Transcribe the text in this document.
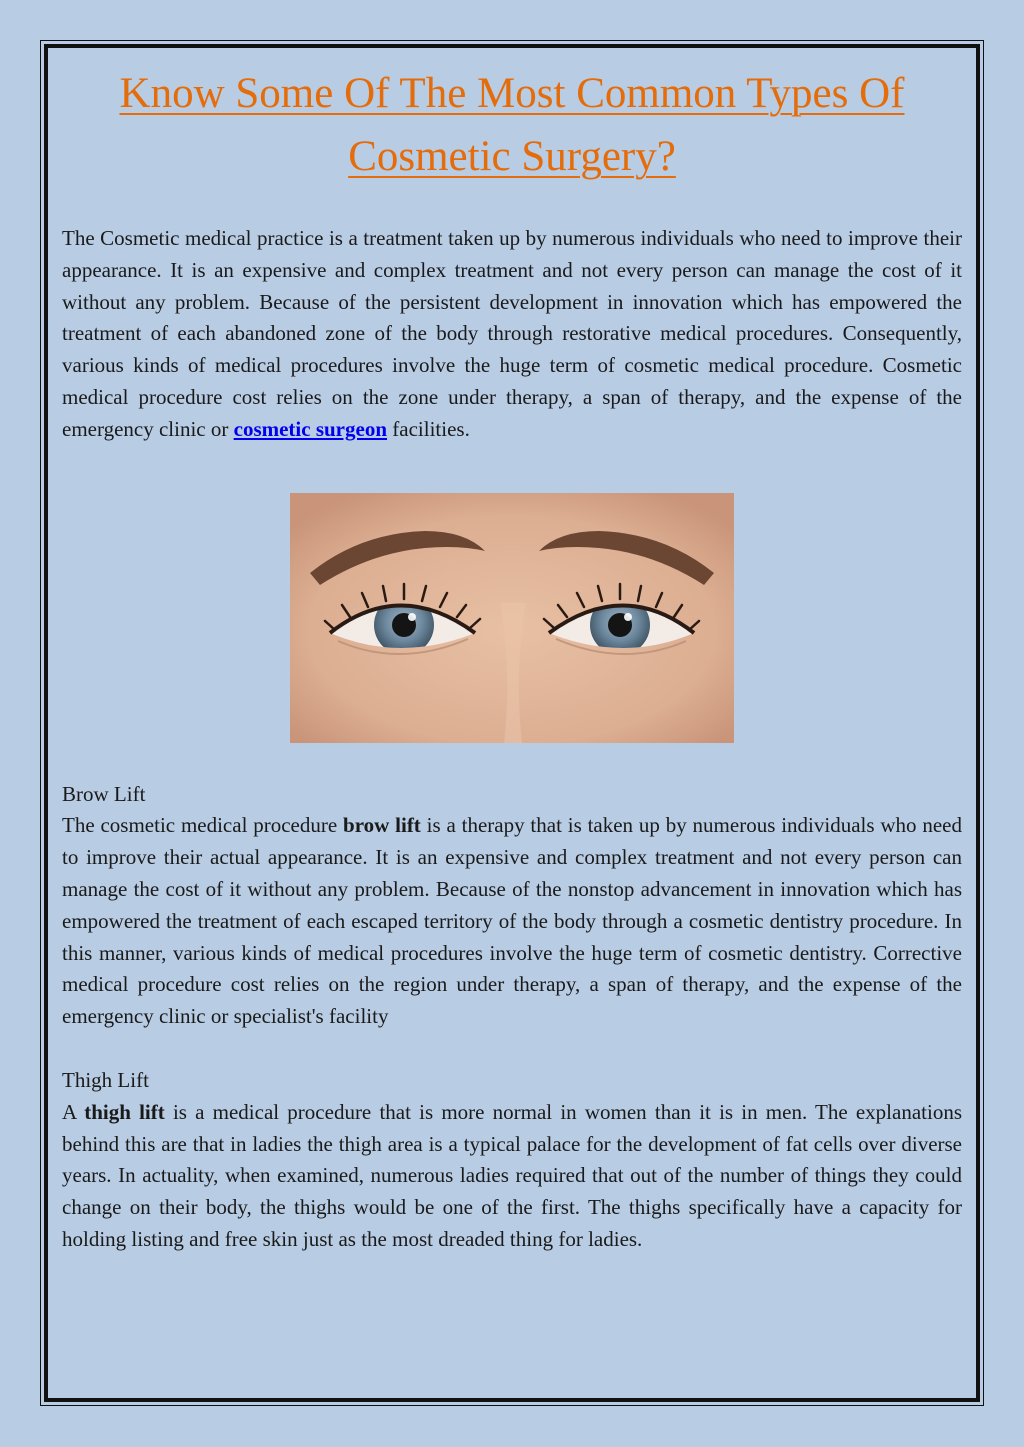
Know Some Of The Most Common Types Of Cosmetic Surgery?

The Cosmetic medical practice is a treatment taken up by numerous individuals who need to improve their appearance. It is an expensive and complex treatment and not every person can manage the cost of it without any problem. Because of the persistent development in innovation which has empowered the treatment of each abandoned zone of the body through restorative medical procedures. Consequently, various kinds of medical procedures involve the huge term of cosmetic medical procedure. Cosmetic medical procedure cost relies on the zone under therapy, a span of therapy, and the expense of the emergency clinic or cosmetic surgeon facilities.

Brow Lift

The cosmetic medical procedure brow lift is a therapy that is taken up by numerous individuals who need to improve their actual appearance. It is an expensive and complex treatment and not every person can manage the cost of it without any problem. Because of the nonstop advancement in innovation which has empowered the treatment of each escaped territory of the body through a cosmetic dentistry procedure. In this manner, various kinds of medical procedures involve the huge term of cosmetic dentistry. Corrective medical procedure cost relies on the region under therapy, a span of therapy, and the expense of the emergency clinic or specialist's facility

Thigh Lift

A thigh lift is a medical procedure that is more normal in women than it is in men. The explanations behind this are that in ladies the thigh area is a typical palace for the development of fat cells over diverse years. In actuality, when examined, numerous ladies required that out of the number of things they could change on their body, the thighs would be one of the first. The thighs specifically have a capacity for holding listing and free skin just as the most dreaded thing for ladies.
